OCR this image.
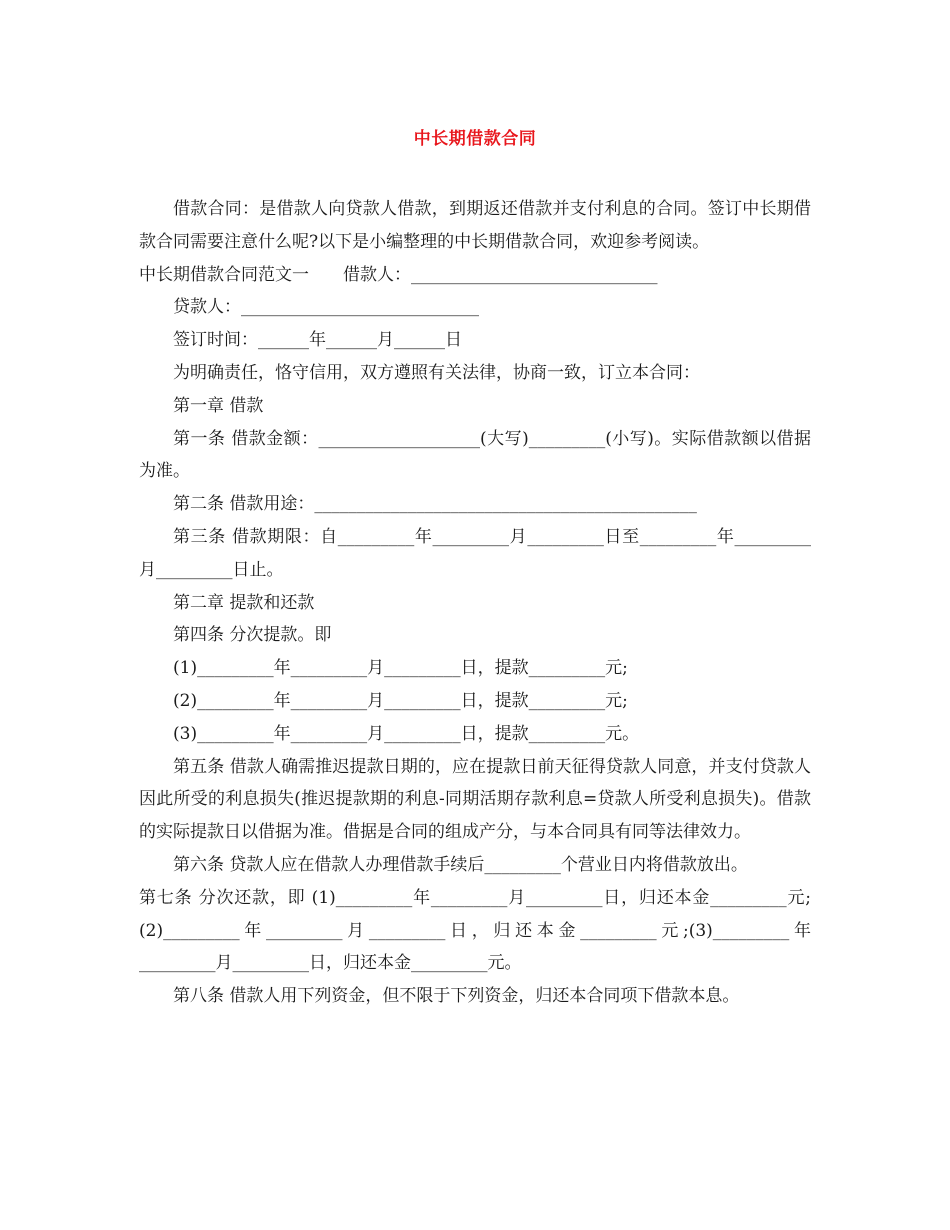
中长期借款合同

借款合同：是借款人向贷款人借款，到期返还借款并支付利息的合同。签订中长期借款合同需要注意什么呢?以下是小编整理的中长期借款合同，欢迎参考阅读。

中长期借款合同范文一　　借款人：_____________________________

贷款人：____________________________

签订时间：______年______月______日

为明确责任，恪守信用，双方遵照有关法律，协商一致，订立本合同：

第一章 借款

第一条 借款金额：___________________(大写)_________(小写)。实际借款额以借据为准。

第二条 借款用途：_____________________________________________

第三条 借款期限：自_________年_________月_________日至_________年_________月_________日止。

第二章 提款和还款

第四条 分次提款。即

(1)_________年_________月_________日，提款_________元;

(2)_________年_________月_________日，提款_________元;

(3)_________年_________月_________日，提款_________元。

第五条 借款人确需推迟提款日期的，应在提款日前天征得贷款人同意，并支付贷款人因此所受的利息损失(推迟提款期的利息-同期活期存款利息=贷款人所受利息损失)。借款的实际提款日以借据为准。借据是合同的组成产分，与本合同具有同等法律效力。

第六条 贷款人应在借款人办理借款手续后_________个营业日内将借款放出。

第七条 分次还款，即 (1)_________年_________月_________日，归还本金_________元; (2)_________年_________月_________日，归还本金_________元;(3)_________年_________月_________日，归还本金_________元。

第八条 借款人用下列资金，但不限于下列资金，归还本合同项下借款本息。
